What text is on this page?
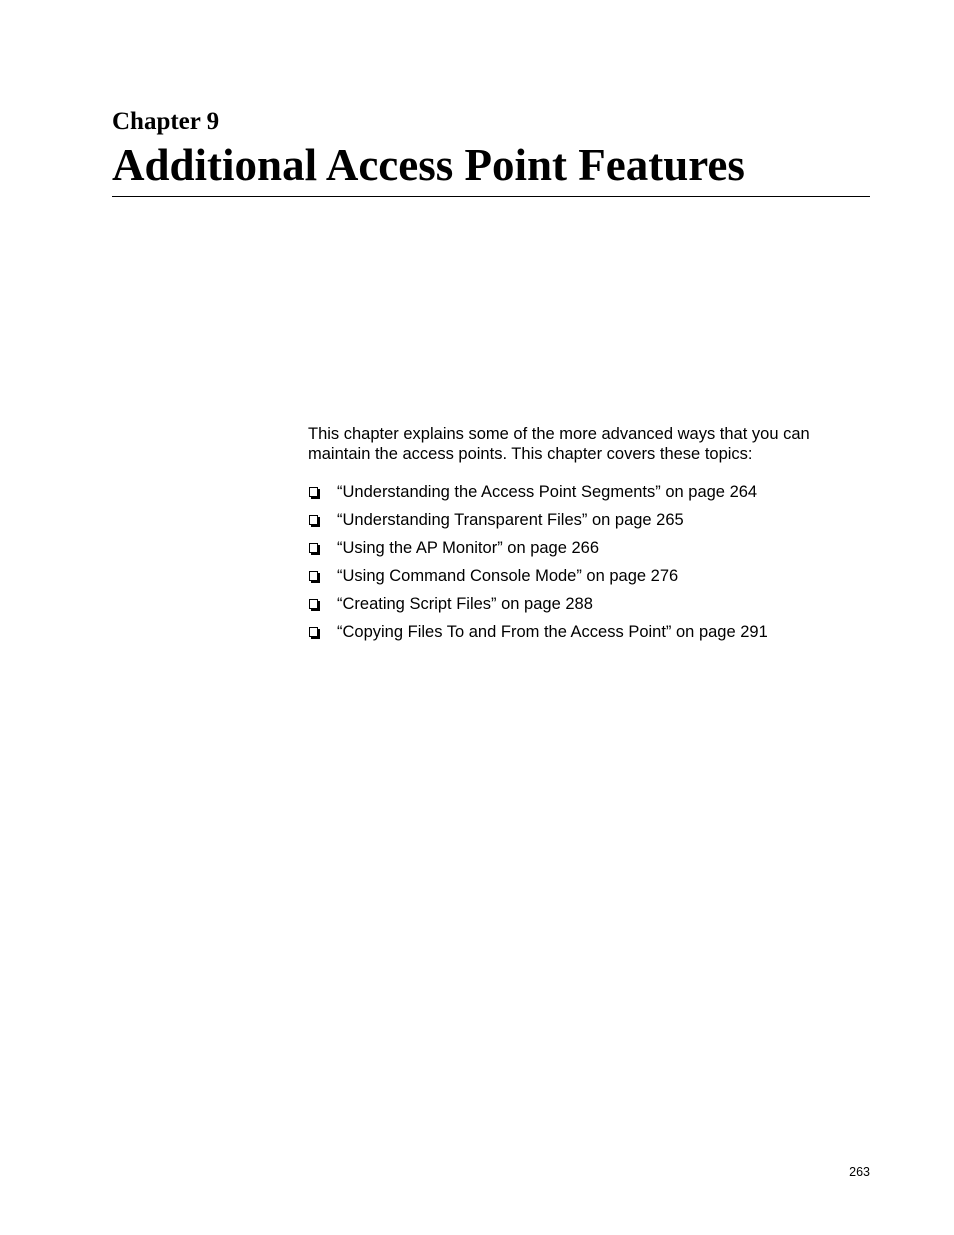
Chapter 9
Additional Access Point Features

This chapter explains some of the more advanced ways that you can maintain the access points. This chapter covers these topics:

“Understanding the Access Point Segments” on page 264
“Understanding Transparent Files” on page 265
“Using the AP Monitor” on page 266
“Using Command Console Mode” on page 276
“Creating Script Files” on page 288
“Copying Files To and From the Access Point” on page 291
263
